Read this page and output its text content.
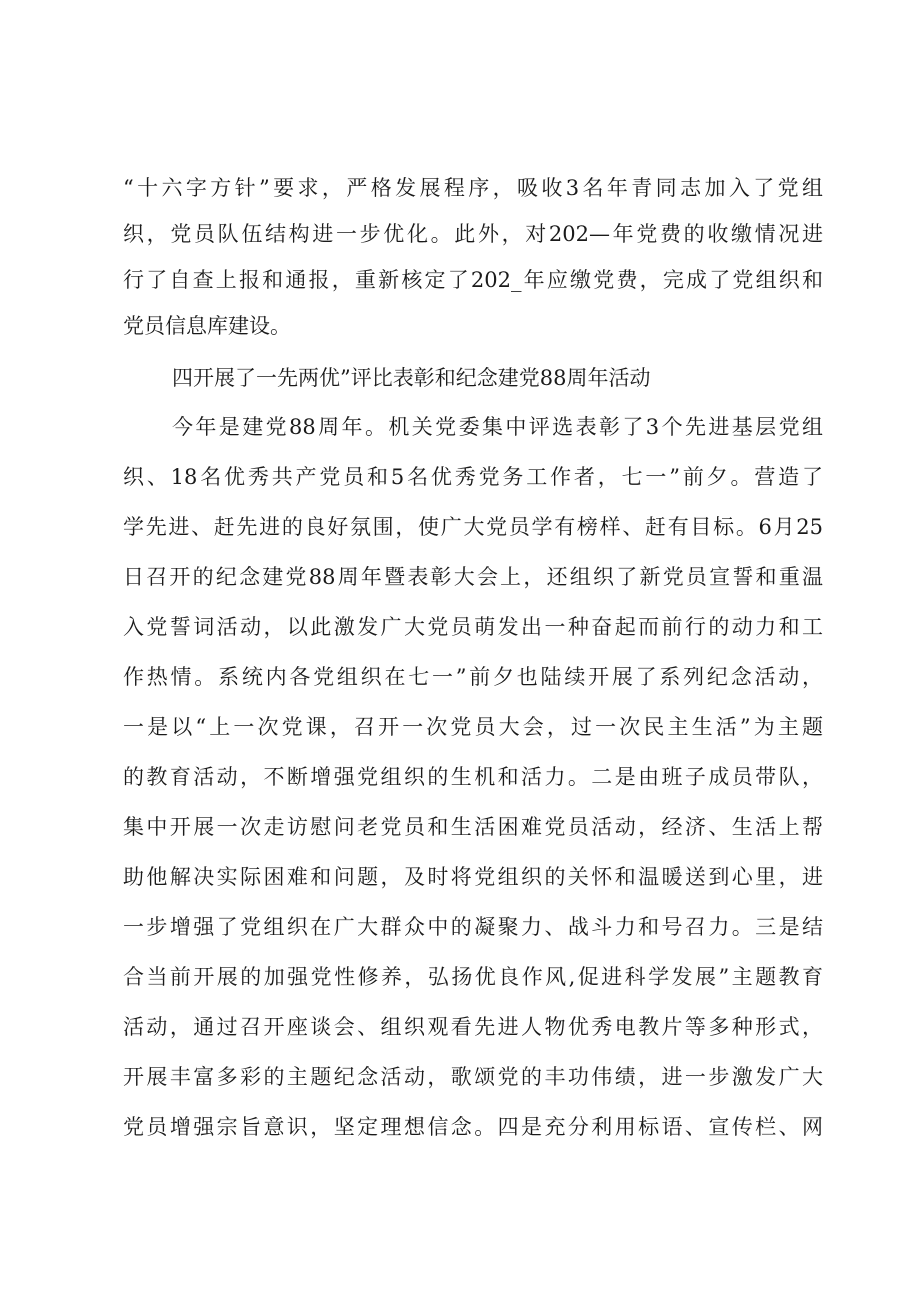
“十六字方针”要求，严格发展程序，吸收3名年青同志加入了党组
织，党员队伍结构进一步优化。此外，对202—年党费的收缴情况进
行了自查上报和通报，重新核定了202_年应缴党费，完成了党组织和
党员信息库建设。
四开展了一先两优”评比表彰和纪念建党88周年活动
今年是建党88周年。机关党委集中评选表彰了3个先进基层党组
织、18名优秀共产党员和5名优秀党务工作者，七一”前夕。营造了
学先进、赶先进的良好氛围，使广大党员学有榜样、赶有目标。6月25
日召开的纪念建党88周年暨表彰大会上，还组织了新党员宣誓和重温
入党誓词活动，以此激发广大党员萌发出一种奋起而前行的动力和工
作热情。系统内各党组织在七一”前夕也陆续开展了系列纪念活动，
一是以“上一次党课，召开一次党员大会，过一次民主生活”为主题
的教育活动，不断增强党组织的生机和活力。二是由班子成员带队，
集中开展一次走访慰问老党员和生活困难党员活动，经济、生活上帮
助他解决实际困难和问题，及时将党组织的关怀和温暖送到心里，进
一步增强了党组织在广大群众中的凝聚力、战斗力和号召力。三是结
合当前开展的加强党性修养，弘扬优良作风,促进科学发展”主题教育
活动，通过召开座谈会、组织观看先进人物优秀电教片等多种形式，
开展丰富多彩的主题纪念活动，歌颂党的丰功伟绩，进一步激发广大
党员增强宗旨意识，坚定理想信念。四是充分利用标语、宣传栏、网
